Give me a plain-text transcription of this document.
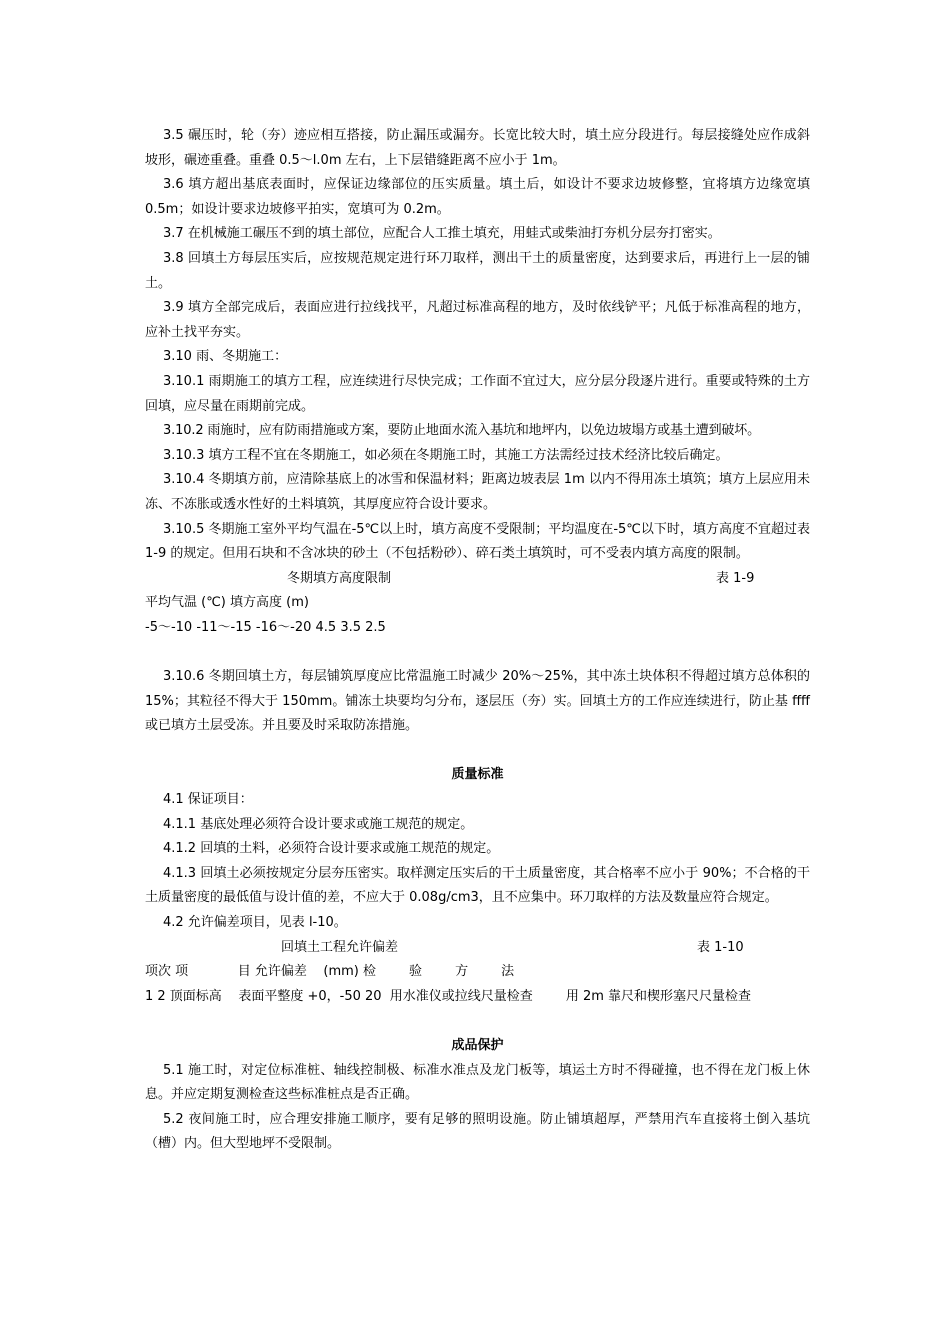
3.5 碾压时，轮（夯）迹应相互搭接，防止漏压或漏夯。长宽比较大时，填土应分段进行。每层接缝处应作成斜坡形，碾迹重叠。重叠 0.5～l.0m 左右，上下层错缝距离不应小于 1m。

3.6 填方超出基底表面时，应保证边缘部位的压实质量。填土后，如设计不要求边坡修整，宜将填方边缘宽填 0.5m；如设计要求边坡修平拍实，宽填可为 0.2m。

3.7 在机械施工碾压不到的填土部位，应配合人工推土填充，用蛙式或柴油打夯机分层夯打密实。

3.8 回填土方每层压实后，应按规范规定进行环刀取样，测出干土的质量密度，达到要求后，再进行上一层的铺土。

3.9 填方全部完成后，表面应进行拉线找平，凡超过标准高程的地方，及时依线铲平；凡低于标准高程的地方，应补土找平夯实。

3.10 雨、冬期施工：

3.10.1 雨期施工的填方工程，应连续进行尽快完成；工作面不宜过大，应分层分段逐片进行。重要或特殊的土方回填，应尽量在雨期前完成。

3.10.2 雨施时，应有防雨措施或方案，要防止地面水流入基坑和地坪内，以免边坡塌方或基土遭到破坏。

3.10.3 填方工程不宜在冬期施工，如必须在冬期施工时，其施工方法需经过技术经济比较后确定。

3.10.4 冬期填方前，应清除基底上的冰雪和保温材料；距离边坡表层 1m 以内不得用冻土填筑；填方上层应用未冻、不冻胀或透水性好的土料填筑，其厚度应符合设计要求。

3.10.5 冬期施工室外平均气温在-5℃以上时，填方高度不受限制；平均温度在-5℃以下时，填方高度不宜超过表 1-9 的规定。但用石块和不含冰块的砂土（不包括粉砂）、碎石类土填筑时，可不受表内填方高度的限制。

冬期填方高度限制	表 1-9

平均气温 (℃) 填方高度 (m)

-5～-10 -11～-15 -16～-20 4.5 3.5 2.5

3.10.6 冬期回填土方，每层铺筑厚度应比常温施工时减少 20%～25%，其中冻土块体积不得超过填方总体积的 15%；其粒径不得大于 150mm。铺冻土块要均匀分布，逐层压（夯）实。回填土方的工作应连续进行，防止基 ffff 或已填方土层受冻。并且要及时采取防冻措施。

质量标准

4.1 保证项目：

4.1.1 基底处理必须符合设计要求或施工规范的规定。

4.1.2 回填的土料，必须符合设计要求或施工规范的规定。

4.1.3 回填土必须按规定分层夯压密实。取样测定压实后的干土质量密度，其合格率不应小于 90%；不合格的干土质量密度的最低值与设计值的差，不应大于 0.08g/cm3，且不应集中。环刀取样的方法及数量应符合规定。

4.2 允许偏差项目，见表 l-10。

回填土工程允许偏差	表 1-10

项次 项            目 允许偏差    (mm) 检        验        方        法

1 2 顶面标高    表面平整度 +0，-50 20  用水准仪或拉线尺量检查        用 2m 靠尺和楔形塞尺尺量检查

成品保护

5.1 施工时，对定位标准桩、轴线控制极、标准水准点及龙门板等，填运土方时不得碰撞，也不得在龙门板上休息。并应定期复测检查这些标准桩点是否正确。

5.2 夜间施工时，应合理安排施工顺序，要有足够的照明设施。防止铺填超厚，严禁用汽车直接将土倒入基坑（槽）内。但大型地坪不受限制。
